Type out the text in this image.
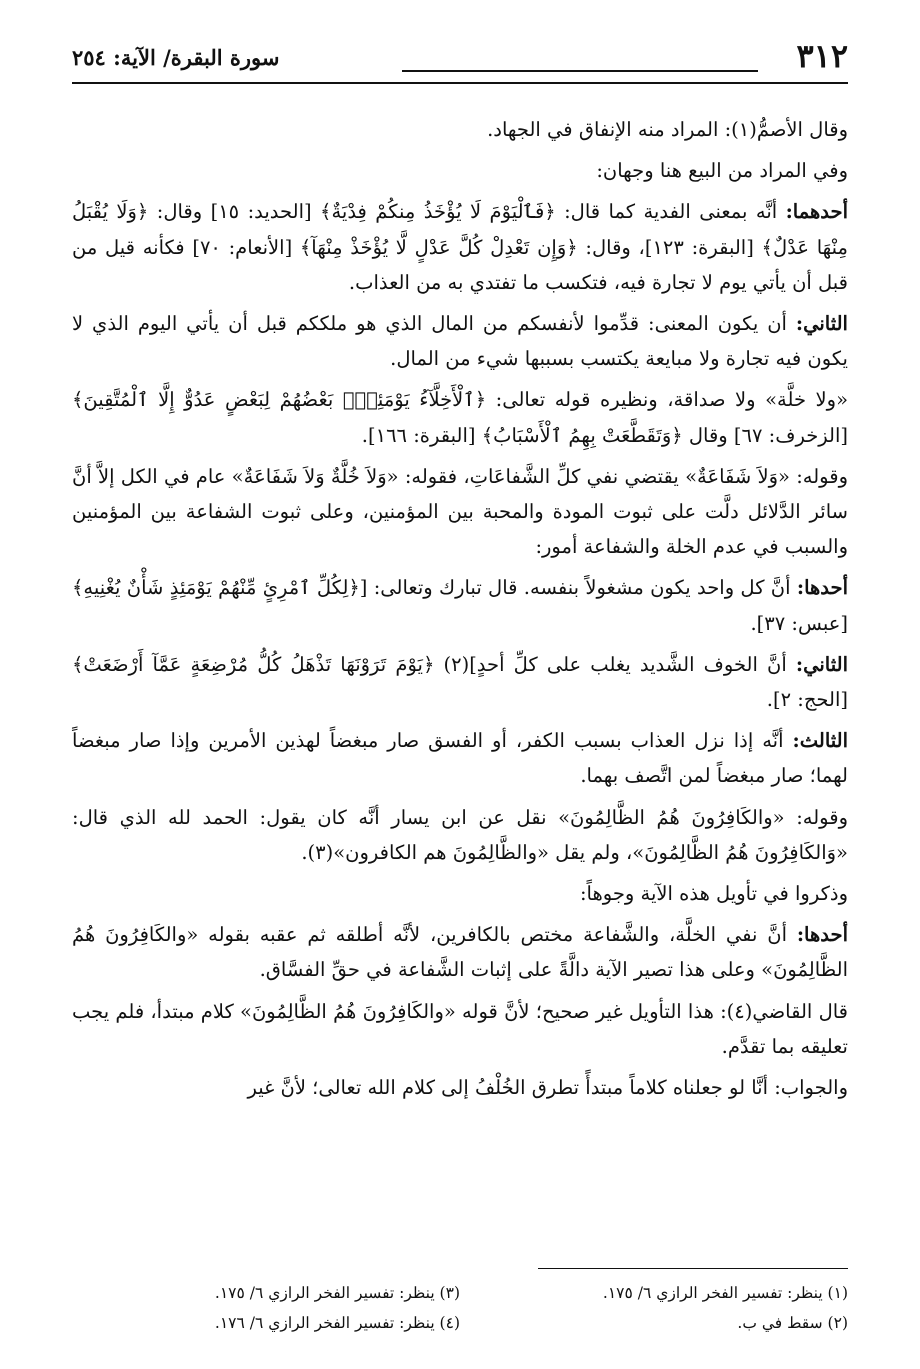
٣١٢
سورة البقرة/ الآية: ٢٥٤

وقال الأصمُّ(١): المراد منه الإنفاق في الجهاد.

وفي المراد من البيع هنا وجهان:

أحدهما: أنَّه بمعنى الفدية كما قال: ﴿فَٱلْيَوْمَ لَا يُؤْخَذُ مِنكُمْ فِدْيَةٌ﴾ [الحديد: ١٥] وقال: ﴿وَلَا يُقْبَلُ مِنْهَا عَدْلٌ﴾ [البقرة: ١٢٣]، وقال: ﴿وَإِن تَعْدِلْ كُلَّ عَدْلٍ لَّا يُؤْخَذْ مِنْهَآ﴾ [الأنعام: ٧٠] فكأنه قيل من قبل أن يأتي يوم لا تجارة فيه، فتكسب ما تفتدي به من العذاب.

الثاني: أن يكون المعنى: قدِّموا لأنفسكم من المال الذي هو ملككم قبل أن يأتي اليوم الذي لا يكون فيه تجارة ولا مبايعة يكتسب بسببها شيء من المال.

«ولا خلَّة» ولا صداقة، ونظيره قوله تعالى: ﴿ٱلْأَخِلَّآءُ يَوْمَئِذٍۭ بَعْضُهُمْ لِبَعْضٍ عَدُوٌّ إِلَّا ٱلْمُتَّقِينَ﴾ [الزخرف: ٦٧] وقال ﴿وَتَقَطَّعَتْ بِهِمُ ٱلْأَسْبَابُ﴾ [البقرة: ١٦٦].

وقوله: «وَلاَ شَفَاعَةٌ» يقتضي نفي كلِّ الشَّفاعَاتِ، فقوله: «وَلاَ خُلَّةٌ وَلاَ شَفَاعَةٌ» عام في الكل إلاَّ أنَّ سائر الدَّلائل دلَّت على ثبوت المودة والمحبة بين المؤمنين، وعلى ثبوت الشفاعة بين المؤمنين والسبب في عدم الخلة والشفاعة أمور:

أحدها: أنَّ كل واحد يكون مشغولاً بنفسه. قال تبارك وتعالى: [﴿لِكُلِّ ٱمْرِئٍ مِّنْهُمْ يَوْمَئِذٍ شَأْنٌ يُغْنِيهِ﴾ [عبس: ٣٧].

الثاني: أنَّ الخوف الشَّديد يغلب على كلِّ أحدٍ](٢) ﴿يَوْمَ تَرَوْنَهَا تَذْهَلُ كُلُّ مُرْضِعَةٍ عَمَّآ أَرْضَعَتْ﴾ [الحج: ٢].

الثالث: أنَّه إذا نزل العذاب بسبب الكفر، أو الفسق صار مبغضاً لهذين الأمرين وإذا صار مبغضاً لهما؛ صار مبغضاً لمن اتَّصف بهما.

وقوله: «والكَافِرُونَ هُمُ الظَّالِمُونَ» نقل عن ابن يسار أنَّه كان يقول: الحمد لله الذي قال: «وَالكَافِرُونَ هُمُ الظَّالِمُونَ»، ولم يقل «والظَّالِمُونَ هم الكافرون»(٣).

وذكروا في تأويل هذه الآية وجوهاً:

أحدها: أنَّ نفي الخلَّة، والشَّفاعة مختص بالكافرين، لأنَّه أطلقه ثم عقبه بقوله «والكَافِرُونَ هُمُ الظَّالِمُونَ» وعلى هذا تصير الآية دالَّةً على إثبات الشَّفاعة في حقِّ الفسَّاق.

قال القاضي(٤): هذا التأويل غير صحيح؛ لأنَّ قوله «والكَافِرُونَ هُمُ الظَّالِمُونَ» كلام مبتدأ، فلم يجب تعليقه بما تقدَّم.

والجواب: أنَّا لو جعلناه كلاماً مبتدأً تطرق الخُلْفُ إلى كلام الله تعالى؛ لأنَّ غير

(١) ينظر: تفسير الفخر الرازي ٦/ ١٧٥.
(٢) سقط في ب.
(٣) ينظر: تفسير الفخر الرازي ٦/ ١٧٥.
(٤) ينظر: تفسير الفخر الرازي ٦/ ١٧٦.
